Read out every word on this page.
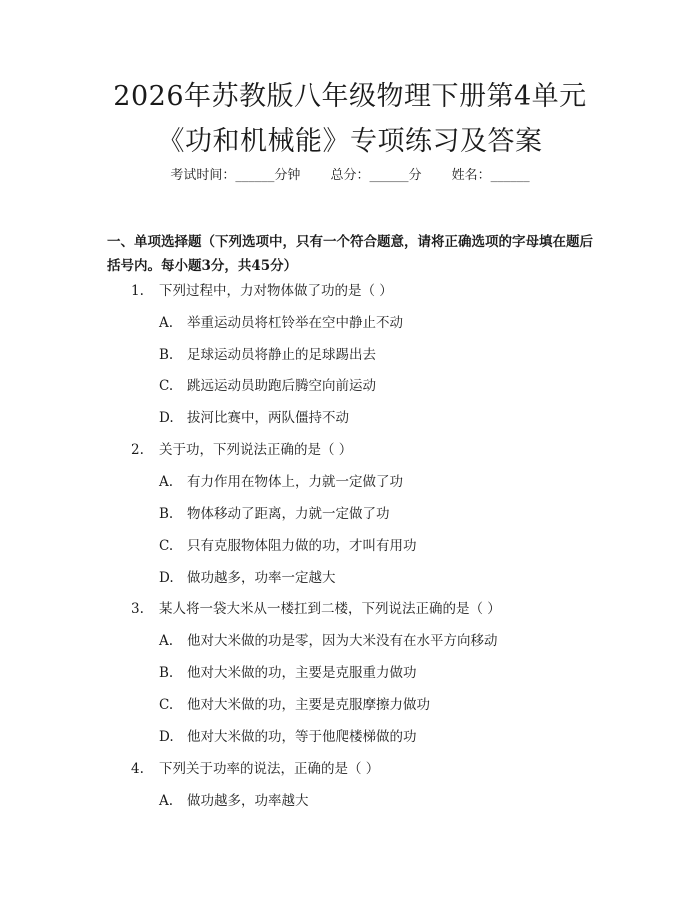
2026年苏教版八年级物理下册第4单元《功和机械能》专项练习及答案
考试时间：______分钟 总分：______分 姓名：______

一、单项选择题（下列选项中，只有一个符合题意，请将正确选项的字母填在题后括号内。每小题3分，共45分）

1. 下列过程中，力对物体做了功的是（ ）
A. 举重运动员将杠铃举在空中静止不动
B. 足球运动员将静止的足球踢出去
C. 跳远运动员助跑后腾空向前运动
D. 拔河比赛中，两队僵持不动
2. 关于功，下列说法正确的是（ ）
A. 有力作用在物体上，力就一定做了功
B. 物体移动了距离，力就一定做了功
C. 只有克服物体阻力做的功，才叫有用功
D. 做功越多，功率一定越大
3. 某人将一袋大米从一楼扛到二楼，下列说法正确的是（ ）
A. 他对大米做的功是零，因为大米没有在水平方向移动
B. 他对大米做的功，主要是克服重力做功
C. 他对大米做的功，主要是克服摩擦力做功
D. 他对大米做的功，等于他爬楼梯做的功
4. 下列关于功率的说法，正确的是（ ）
A. 做功越多，功率越大
